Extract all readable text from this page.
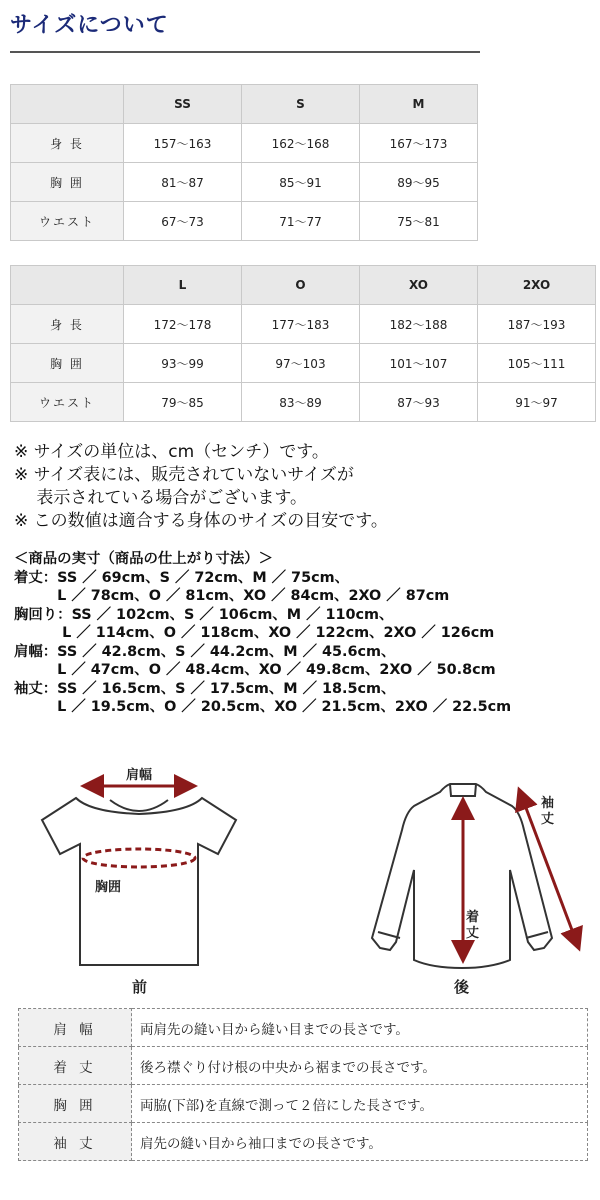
サイズについて
	SS	S	M
身 長	157～163	162～168	167～173
胸 囲	81～87	85～91	89～95
ウエスト	67～73	71～77	75～81
	L	O	XO	2XO
身 長	172～178	177～183	182～188	187～193
胸 囲	93～99	97～103	101～107	105～111
ウエスト	79～85	83～89	87～93	91～97
※ サイズの単位は、cm（センチ）です。
※ サイズ表には、販売されていないサイズが
　 表示されている場合がございます。
※ この数値は適合する身体のサイズの目安です。
＜商品の実寸（商品の仕上がり寸法）＞
着丈：SS ／ 69cm、S ／ 72cm、M ／ 75cm、
　　　L ／ 78cm、O ／ 81cm、XO ／ 84cm、2XO ／ 87cm
胸回り：SS ／ 102cm、S ／ 106cm、M ／ 110cm、
　　　 L ／ 114cm、O ／ 118cm、XO ／ 122cm、2XO ／ 126cm
肩幅：SS ／ 42.8cm、S ／ 44.2cm、M ／ 45.6cm、
　　　L ／ 47cm、O ／ 48.4cm、XO ／ 49.8cm、2XO ／ 50.8cm
袖丈：SS ／ 16.5cm、S ／ 17.5cm、M ／ 18.5cm、
　　　L ／ 19.5cm、O ／ 20.5cm、XO ／ 21.5cm、2XO ／ 22.5cm
肩幅
胸囲
前	後
着
丈
袖
丈
肩 幅	両肩先の縫い目から縫い目までの長さです。
着 丈	後ろ襟ぐり付け根の中央から裾までの長さです。
胸 囲	両脇(下部)を直線で測って２倍にした長さです。
袖 丈	肩先の縫い目から袖口までの長さです。
